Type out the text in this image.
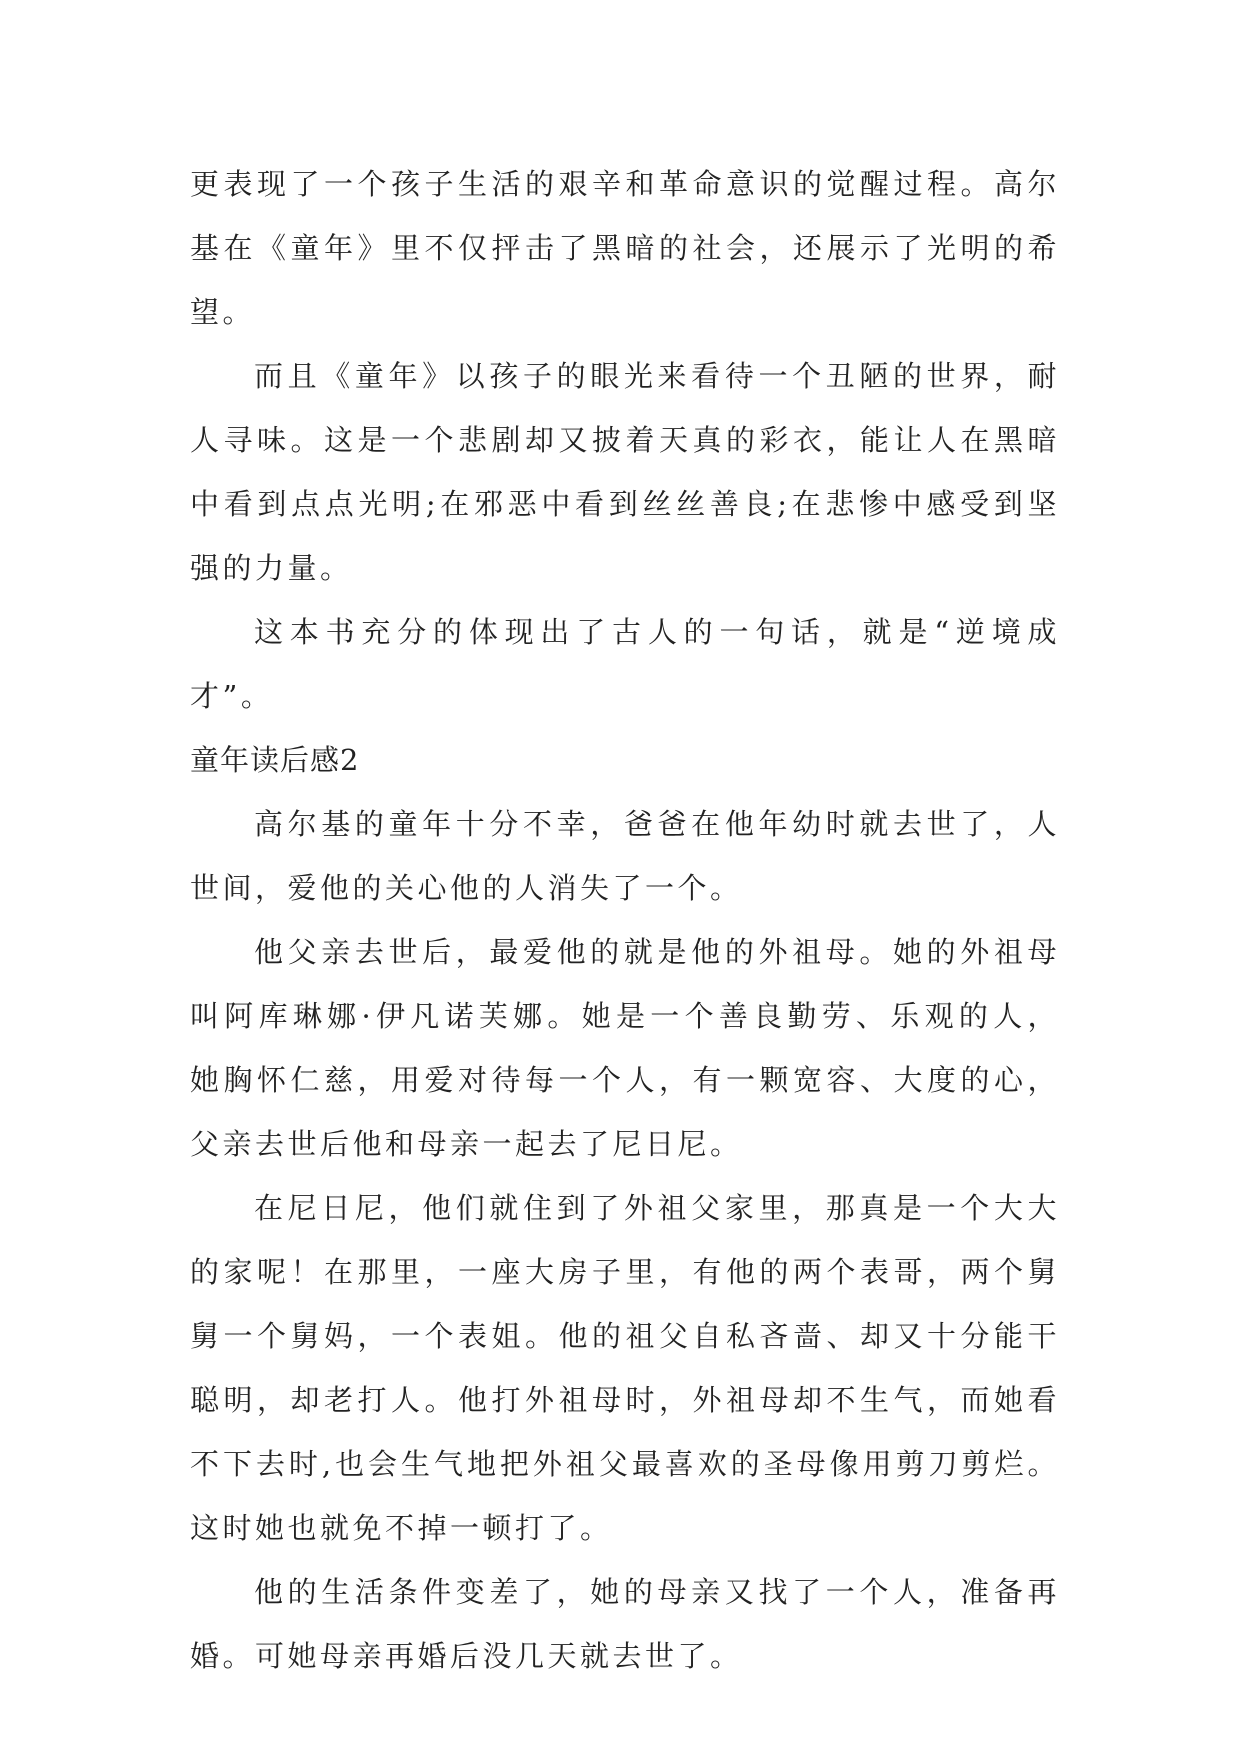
更表现了一个孩子生活的艰辛和革命意识的觉醒过程。高尔
基在《童年》里不仅抨击了黑暗的社会，还展示了光明的希
望。
而且《童年》以孩子的眼光来看待一个丑陋的世界，耐
人寻味。这是一个悲剧却又披着天真的彩衣，能让人在黑暗
中看到点点光明;在邪恶中看到丝丝善良;在悲惨中感受到坚
强的力量。
这本书充分的体现出了古人的一句话，就是“逆境成
才”。
童年读后感2
高尔基的童年十分不幸，爸爸在他年幼时就去世了，人
世间，爱他的关心他的人消失了一个。
他父亲去世后，最爱他的就是他的外祖母。她的外祖母
叫阿库琳娜·伊凡诺芙娜。她是一个善良勤劳、乐观的人，
她胸怀仁慈，用爱对待每一个人，有一颗宽容、大度的心，
父亲去世后他和母亲一起去了尼日尼。
在尼日尼，他们就住到了外祖父家里，那真是一个大大
的家呢！在那里，一座大房子里，有他的两个表哥，两个舅
舅一个舅妈，一个表姐。他的祖父自私吝啬、却又十分能干
聪明，却老打人。他打外祖母时，外祖母却不生气，而她看
不下去时,也会生气地把外祖父最喜欢的圣母像用剪刀剪烂。
这时她也就免不掉一顿打了。
他的生活条件变差了，她的母亲又找了一个人，准备再
婚。可她母亲再婚后没几天就去世了。
